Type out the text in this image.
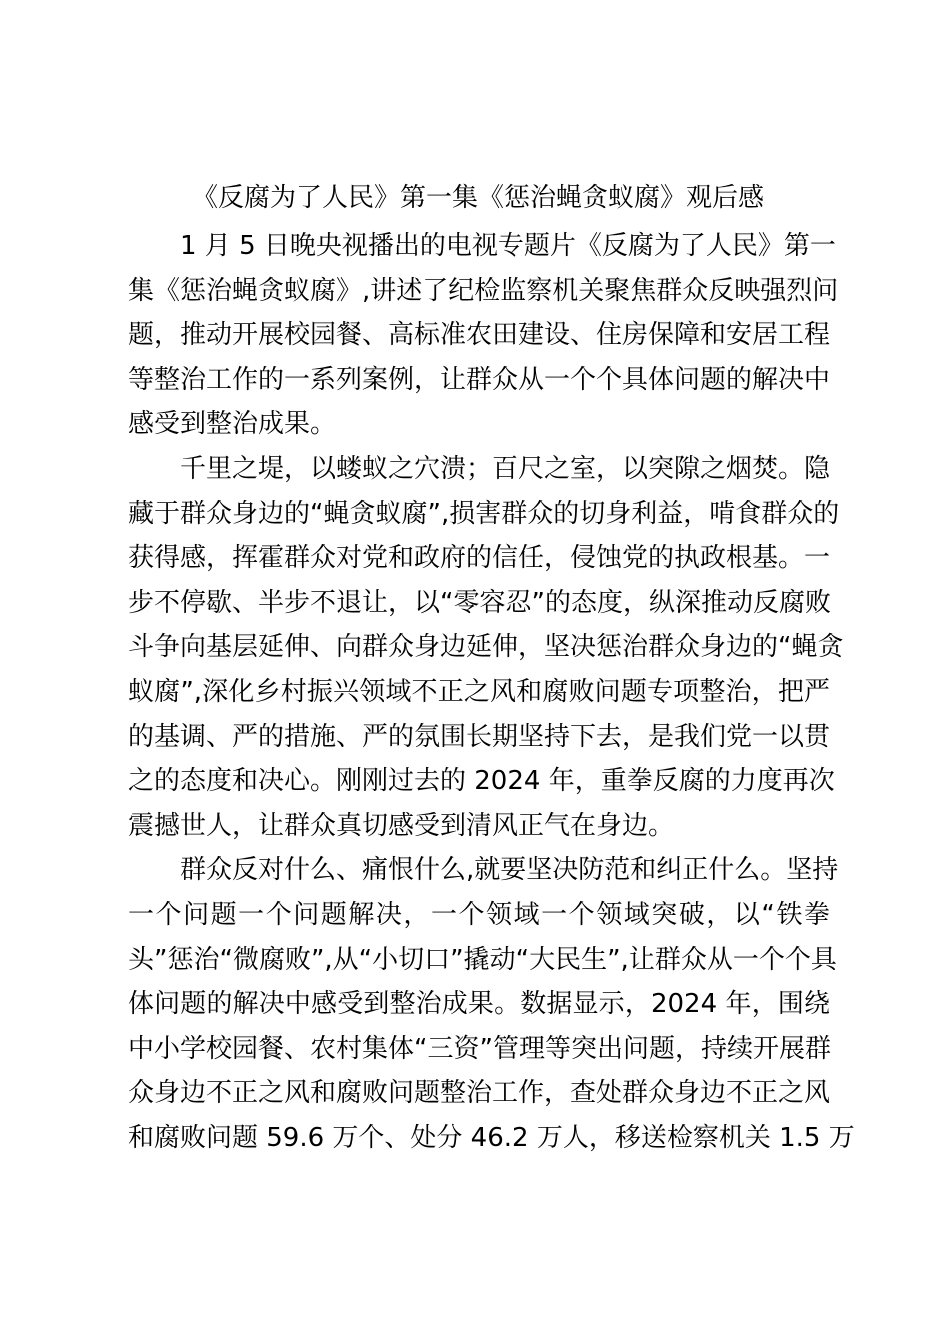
《反腐为了人民》第一集《惩治蝇贪蚁腐》观后感

1 月 5 日晚央视播出的电视专题片《反腐为了人民》第一
集《惩治蝇贪蚁腐》,讲述了纪检监察机关聚焦群众反映强烈问
题，推动开展校园餐、高标准农田建设、住房保障和安居工程
等整治工作的一系列案例，让群众从一个个具体问题的解决中
感受到整治成果。

千里之堤，以蝼蚁之穴溃；百尺之室，以突隙之烟焚。隐
藏于群众身边的“蝇贪蚁腐”,损害群众的切身利益，啃食群众的
获得感，挥霍群众对党和政府的信任，侵蚀党的执政根基。一
步不停歇、半步不退让，以“零容忍”的态度，纵深推动反腐败
斗争向基层延伸、向群众身边延伸，坚决惩治群众身边的“蝇贪
蚁腐”,深化乡村振兴领域不正之风和腐败问题专项整治，把严
的基调、严的措施、严的氛围长期坚持下去，是我们党一以贯
之的态度和决心。刚刚过去的 2024 年，重拳反腐的力度再次
震撼世人，让群众真切感受到清风正气在身边。

群众反对什么、痛恨什么,就要坚决防范和纠正什么。坚持
一个问题一个问题解决，一个领域一个领域突破，以“铁拳
头”惩治“微腐败”,从“小切口”撬动“大民生”,让群众从一个个具
体问题的解决中感受到整治成果。数据显示，2024 年，围绕
中小学校园餐、农村集体“三资”管理等突出问题，持续开展群
众身边不正之风和腐败问题整治工作，查处群众身边不正之风
和腐败问题 59.6 万个、处分 46.2 万人，移送检察机关 1.5 万
